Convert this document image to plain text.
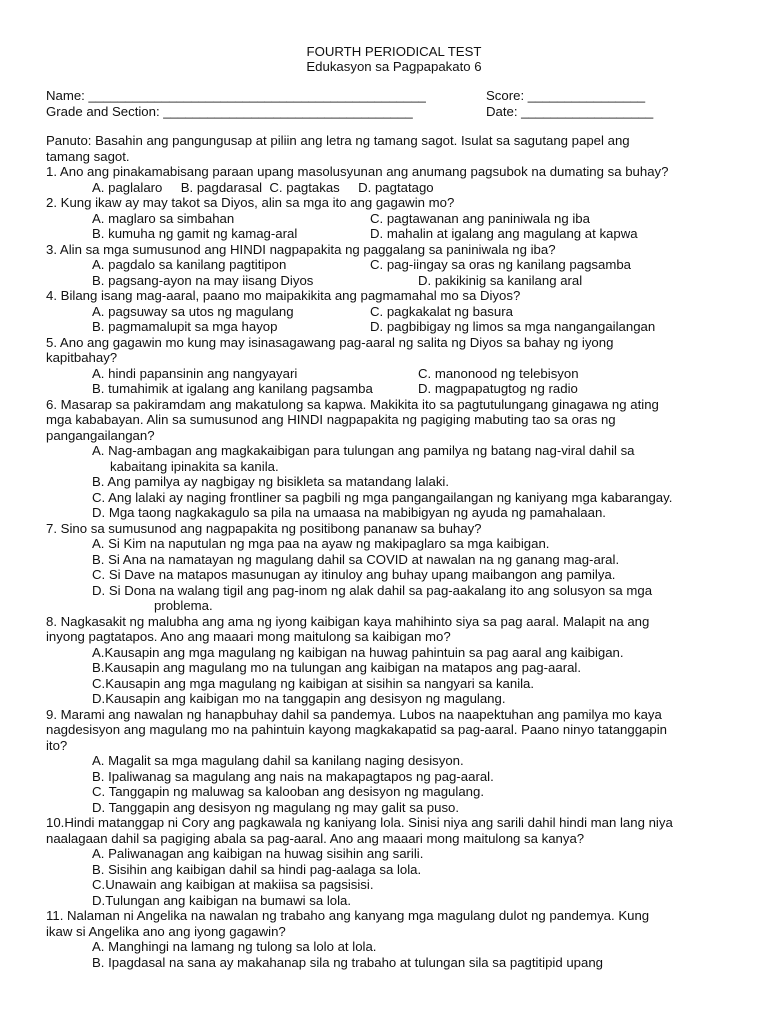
FOURTH PERIODICAL TEST
Edukasyon sa Pagpapakato 6
Name: ______________________________________________	Score: ________________
Grade and Section: __________________________________	Date: __________________
Panuto: Basahin ang pangungusap at piliin ang letra ng tamang sagot. Isulat sa sagutang papel ang
tamang sagot.
1. Ano ang pinakamabisang paraan upang masolusyunan ang anumang pagsubok na dumating sa buhay?
A. paglalaro     B. pagdarasal  C. pagtakas     D. pagtatago
2. Kung ikaw ay may takot sa Diyos, alin sa mga ito ang gagawin mo?
A. maglaro sa simbahan	C. pagtawanan ang paniniwala ng iba
B. kumuha ng gamit ng kamag-aral	D. mahalin at igalang ang magulang at kapwa
3. Alin sa mga sumusunod ang HINDI nagpapakita ng paggalang sa paniniwala ng iba?
A. pagdalo sa kanilang pagtitipon	C. pag-iingay sa oras ng kanilang pagsamba
B. pagsang-ayon na may iisang Diyos	D. pakikinig sa kanilang aral
4. Bilang isang mag-aaral, paano mo maipakikita ang pagmamahal mo sa Diyos?
A. pagsuway sa utos ng magulang	C. pagkakalat ng basura
B. pagmamalupit sa mga hayop	D. pagbibigay ng limos sa mga nangangailangan
5. Ano ang gagawin mo kung may isinasagawang pag-aaral ng salita ng Diyos sa bahay ng iyong
kapitbahay?
A. hindi papansinin ang nangyayari	C. manonood ng telebisyon
B. tumahimik at igalang ang kanilang pagsamba	D. magpapatugtog ng radio
6. Masarap sa pakiramdam ang makatulong sa kapwa. Makikita ito sa pagtutulungang ginagawa ng ating
mga kababayan. Alin sa sumusunod ang HINDI nagpapakita ng pagiging mabuting tao sa oras ng
pangangailangan?
A. Nag-ambagan ang magkakaibigan para tulungan ang pamilya ng batang nag-viral dahil sa
kabaitang ipinakita sa kanila.
B. Ang pamilya ay nagbigay ng bisikleta sa matandang lalaki.
C. Ang lalaki ay naging frontliner sa pagbili ng mga pangangailangan ng kaniyang mga kabarangay.
D. Mga taong nagkakagulo sa pila na umaasa na mabibigyan ng ayuda ng pamahalaan.
7. Sino sa sumusunod ang nagpapakita ng positibong pananaw sa buhay?
A. Si Kim na naputulan ng mga paa na ayaw ng makipaglaro sa mga kaibigan.
B. Si Ana na namatayan ng magulang dahil sa COVID at nawalan na ng ganang mag-aral.
C. Si Dave na matapos masunugan ay itinuloy ang buhay upang maibangon ang pamilya.
D. Si Dona na walang tigil ang pag-inom ng alak dahil sa pag-aakalang ito ang solusyon sa mga
problema.
8. Nagkasakit ng malubha ang ama ng iyong kaibigan kaya mahihinto siya sa pag aaral. Malapit na ang
inyong pagtatapos. Ano ang maaari mong maitulong sa kaibigan mo?
A.Kausapin ang mga magulang ng kaibigan na huwag pahintuin sa pag aaral ang kaibigan.
B.Kausapin ang magulang mo na tulungan ang kaibigan na matapos ang pag-aaral.
C.Kausapin ang mga magulang ng kaibigan at sisihin sa nangyari sa kanila.
D.Kausapin ang kaibigan mo na tanggapin ang desisyon ng magulang.
9. Marami ang nawalan ng hanapbuhay dahil sa pandemya. Lubos na naapektuhan ang pamilya mo kaya
nagdesisyon ang magulang mo na pahintuin kayong magkakapatid sa pag-aaral. Paano ninyo tatanggapin
ito?
A. Magalit sa mga magulang dahil sa kanilang naging desisyon.
B. Ipaliwanag sa magulang ang nais na makapagtapos ng pag-aaral.
C. Tanggapin ng maluwag sa kalooban ang desisyon ng magulang.
D. Tanggapin ang desisyon ng magulang ng may galit sa puso.
10.Hindi matanggap ni Cory ang pagkawala ng kaniyang lola. Sinisi niya ang sarili dahil hindi man lang niya
naalagaan dahil sa pagiging abala sa pag-aaral. Ano ang maaari mong maitulong sa kanya?
A. Paliwanagan ang kaibigan na huwag sisihin ang sarili.
B. Sisihin ang kaibigan dahil sa hindi pag-aalaga sa lola.
C.Unawain ang kaibigan at makiisa sa pagsisisi.
D.Tulungan ang kaibigan na bumawi sa lola.
11. Nalaman ni Angelika na nawalan ng trabaho ang kanyang mga magulang dulot ng pandemya. Kung
ikaw si Angelika ano ang iyong gagawin?
A. Manghingi na lamang ng tulong sa lolo at lola.
B. Ipagdasal na sana ay makahanap sila ng trabaho at tulungan sila sa pagtitipid upang
